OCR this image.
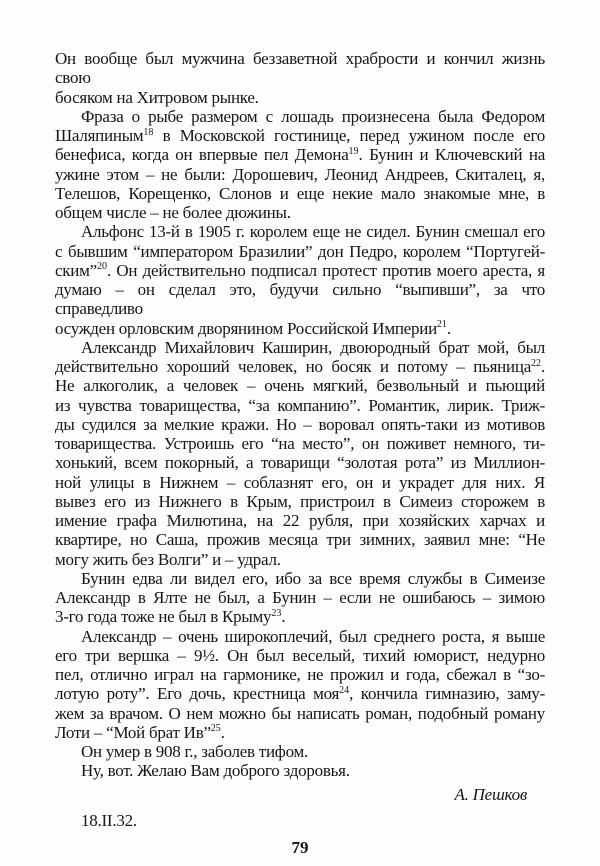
Он вообще был мужчина беззаветной храбрости и кончил жизнь свою
босяком на Хитровом рынке.
Фраза о рыбе размером с лошадь произнесена была Федором
Шаляпиным$^{18}$ в Московской гостинице, перед ужином после его
бенефиса, когда он впервые пел Демона$^{19}$. Бунин и Ключевский на
ужине этом – не были: Дорошевич, Леонид Андреев, Скиталец, я,
Телешов, Корещенко, Слонов и еще некие мало знакомые мне, в
общем числе – не более дюжины.
Альфонс 13-й в 1905 г. королем еще не сидел. Бунин смешал его
с бывшим “императором Бразилии” дон Педро, королем “Португей-
ским”$^{20}$. Он действительно подписал протест против моего ареста, я
думаю – он сделал это, будучи сильно “выпивши”, за что справедливо
осужден орловским дворянином Российской Империи$^{21}$.
Александр Михайлович Каширин, двоюродный брат мой, был
действительно хороший человек, но босяк и потому – пьяница$^{22}$.
Не алкоголик, а человек – очень мягкий, безвольный и пьющий
из чувства товарищества, “за компанию”. Романтик, лирик. Триж-
ды судился за мелкие кражи. Но – воровал опять-таки из мотивов
товарищества. Устроишь его “на место”, он поживет немного, ти-
хонький, всем покорный, а товарищи “золотая рота” из Миллион-
ной улицы в Нижнем – соблазнят его, он и украдет для них. Я
вывез его из Нижнего в Крым, пристроил в Симеиз сторожем в
имение графа Милютина, на 22 рубля, при хозяйских харчах и
квартире, но Саша, прожив месяца три зимних, заявил мне: “Не
могу жить без Волги” и – удрал.
Бунин едва ли видел его, ибо за все время службы в Симеизе
Александр в Ялте не был, а Бунин – если не ошибаюсь – зимою
3-го года тоже не был в Крыму$^{23}$.
Александр – очень широкоплечий, был среднего роста, я выше
его три вершка – 9½. Он был веселый, тихий юморист, недурно
пел, отлично играл на гармонике, не прожил и года, сбежал в “зо-
лотую роту”. Его дочь, крестница моя$^{24}$, кончила гимназию, заму-
жем за врачом. О нем можно бы написать роман, подобный роману
Лоти – “Мой брат Ив”$^{25}$.
Он умер в 908 г., заболев тифом.
Ну, вот. Желаю Вам доброго здоровья.
А. Пешков
18.II.32.
79
